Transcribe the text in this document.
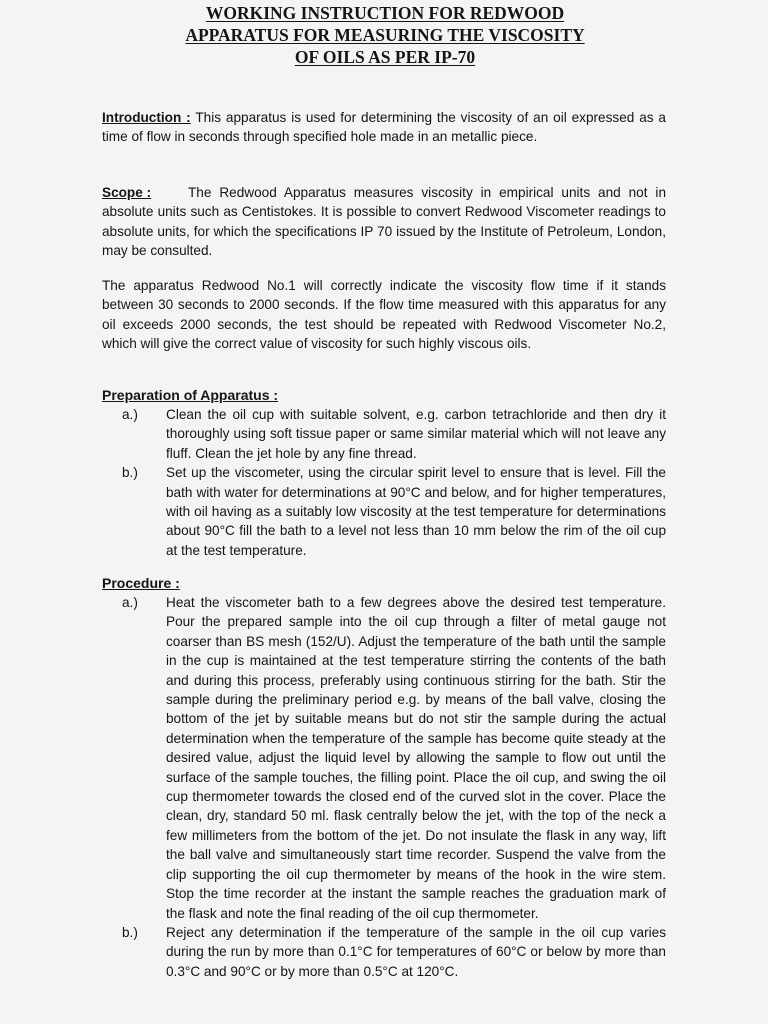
WORKING INSTRUCTION FOR REDWOOD
APPARATUS FOR MEASURING THE VISCOSITY
OF OILS AS PER IP-70

Introduction : This apparatus is used for determining the viscosity of an oil expressed as a time of flow in seconds through specified hole made in an metallic piece.

Scope :	The Redwood Apparatus measures viscosity in empirical units and not in absolute units such as Centistokes. It is possible to convert Redwood Viscometer readings to absolute units, for which the specifications IP 70 issued by the Institute of Petroleum, London, may be consulted.

The apparatus Redwood No.1 will correctly indicate the viscosity flow time if it stands between 30 seconds to 2000 seconds. If the flow time measured with this apparatus for any oil exceeds 2000 seconds, the test should be repeated with Redwood Viscometer No.2, which will give the correct value of viscosity for such highly viscous oils.

Preparation of Apparatus :
a.) Clean the oil cup with suitable solvent, e.g. carbon tetrachloride and then dry it thoroughly using soft tissue paper or same similar material which will not leave any fluff. Clean the jet hole by any fine thread.
b.) Set up the viscometer, using the circular spirit level to ensure that is level. Fill the bath with water for determinations at 90°C and below, and for higher temperatures, with oil having as a suitably low viscosity at the test temperature for determinations about 90°C fill the bath to a level not less than 10 mm below the rim of the oil cup at the test temperature.
Procedure :
a.) Heat the viscometer bath to a few degrees above the desired test temperature. Pour the prepared sample into the oil cup through a filter of metal gauge not coarser than BS mesh (152/U). Adjust the temperature of the bath until the sample in the cup is maintained at the test temperature stirring the contents of the bath and during this process, preferably using continuous stirring for the bath. Stir the sample during the preliminary period e.g. by means of the ball valve, closing the bottom of the jet by suitable means but do not stir the sample during the actual determination when the temperature of the sample has become quite steady at the desired value, adjust the liquid level by allowing the sample to flow out until the surface of the sample touches, the filling point. Place the oil cup, and swing the oil cup thermometer towards the closed end of the curved slot in the cover. Place the clean, dry, standard 50 ml. flask centrally below the jet, with the top of the neck a few millimeters from the bottom of the jet. Do not insulate the flask in any way, lift the ball valve and simultaneously start time recorder. Suspend the valve from the clip supporting the oil cup thermometer by means of the hook in the wire stem. Stop the time recorder at the instant the sample reaches the graduation mark of the flask and note the final reading of the oil cup thermometer.
b.) Reject any determination if the temperature of the sample in the oil cup varies during the run by more than 0.1°C for temperatures of 60°C or below by more than 0.3°C and 90°C or by more than 0.5°C at 120°C.
